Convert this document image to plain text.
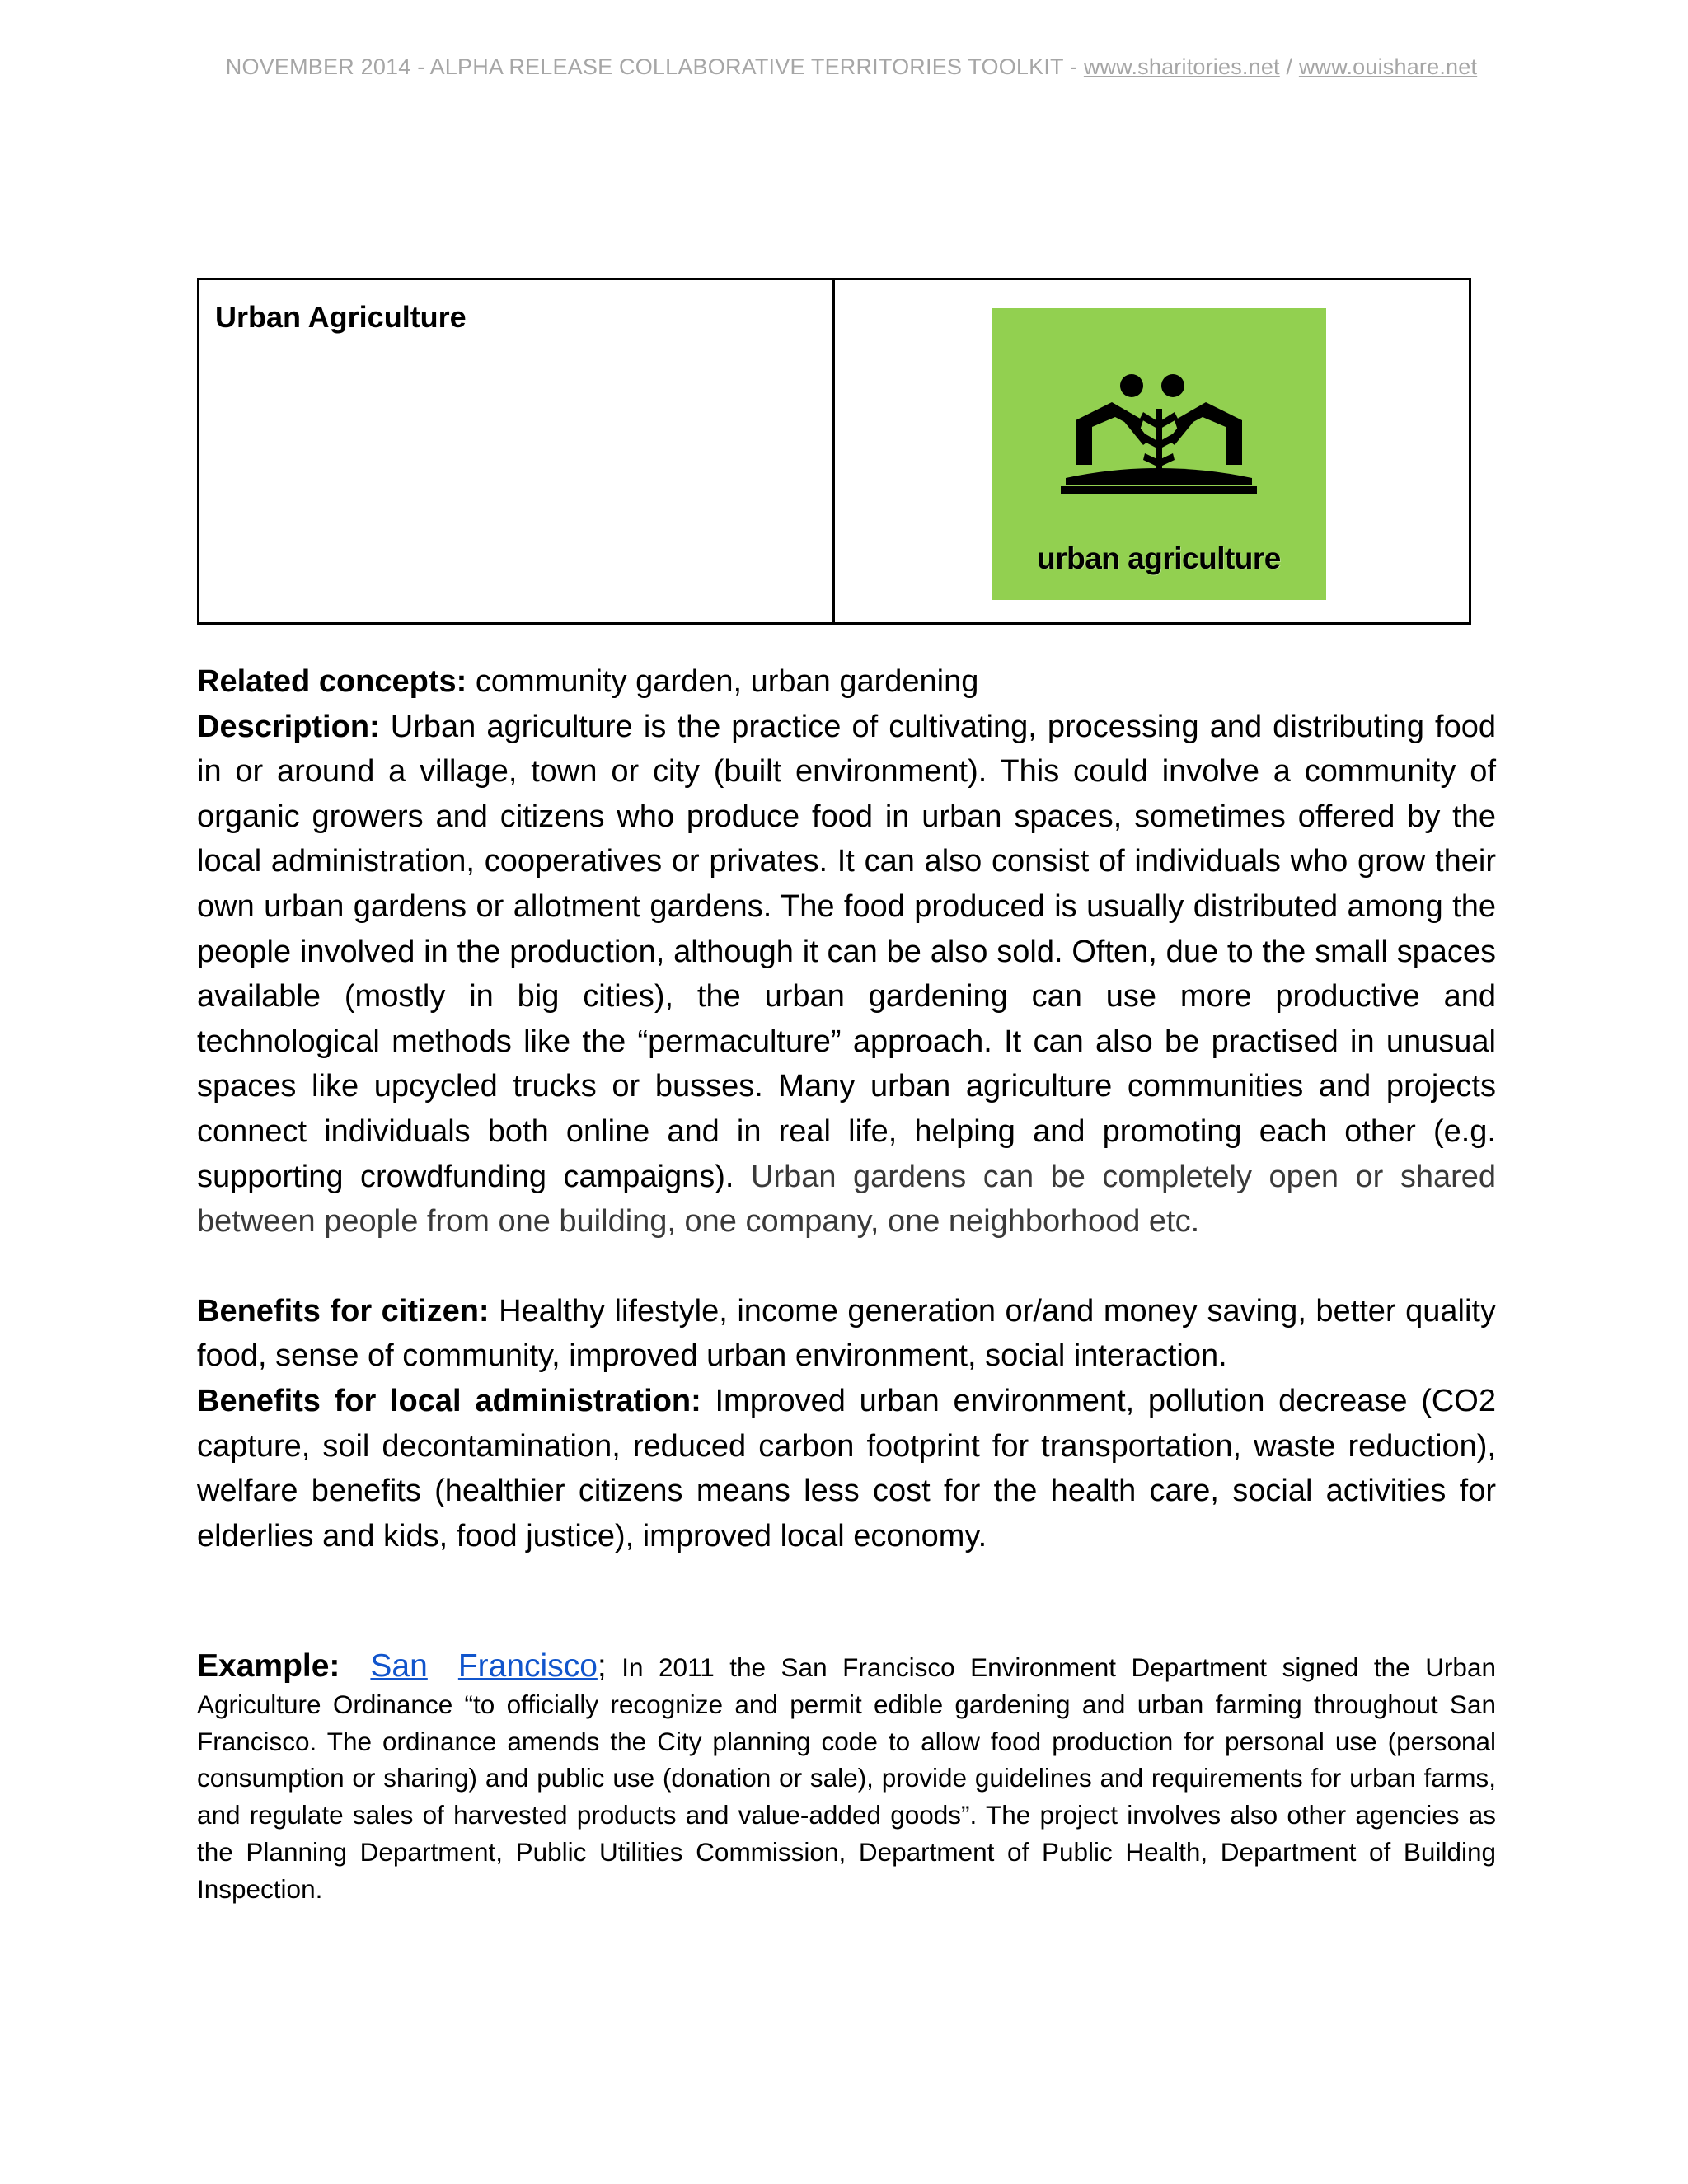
NOVEMBER 2014 - ALPHA RELEASE COLLABORATIVE TERRITORIES TOOLKIT - www.sharitories.net / www.ouishare.net
Urban Agriculture
urban agriculture

Related concepts: community garden, urban gardening

Description: Urban agriculture is the practice of cultivating, processing and distributing food in or around a village, town or city (built environment). This could involve a community of organic growers and citizens who produce food in urban spaces, sometimes offered by the local administration, cooperatives or privates. It can also consist of individuals who grow their own urban gardens or allotment gardens. The food produced is usually distributed among the people involved in the production, although it can be also sold. Often, due to the small spaces available (mostly in big cities), the urban gardening can use more productive and technological methods like the “permaculture” approach. It can also be practised in unusual spaces like upcycled trucks or busses. Many urban agriculture communities and projects connect individuals both online and in real life, helping and promoting each other (e.g. supporting crowdfunding campaigns). Urban gardens can be completely open or shared between people from one building, one company, one neighborhood etc.

Benefits for citizen: Healthy lifestyle, income generation or/and money saving, better quality food, sense of community, improved urban environment, social interaction.

Benefits for local administration: Improved urban environment, pollution decrease (CO2 capture, soil decontamination, reduced carbon footprint for transportation, waste reduction), welfare benefits (healthier citizens means less cost for the health care, social activities for elderlies and kids, food justice), improved local economy.

Example: San Francisco; In 2011 the San Francisco Environment Department signed the Urban Agriculture Ordinance “to officially recognize and permit edible gardening and urban farming throughout San Francisco. The ordinance amends the City planning code to allow food production for personal use (personal consumption or sharing) and public use (donation or sale), provide guidelines and requirements for urban farms, and regulate sales of harvested products and value-added goods”. The project involves also other agencies as the Planning Department, Public Utilities Commission, Department of Public Health, Department of Building Inspection.
